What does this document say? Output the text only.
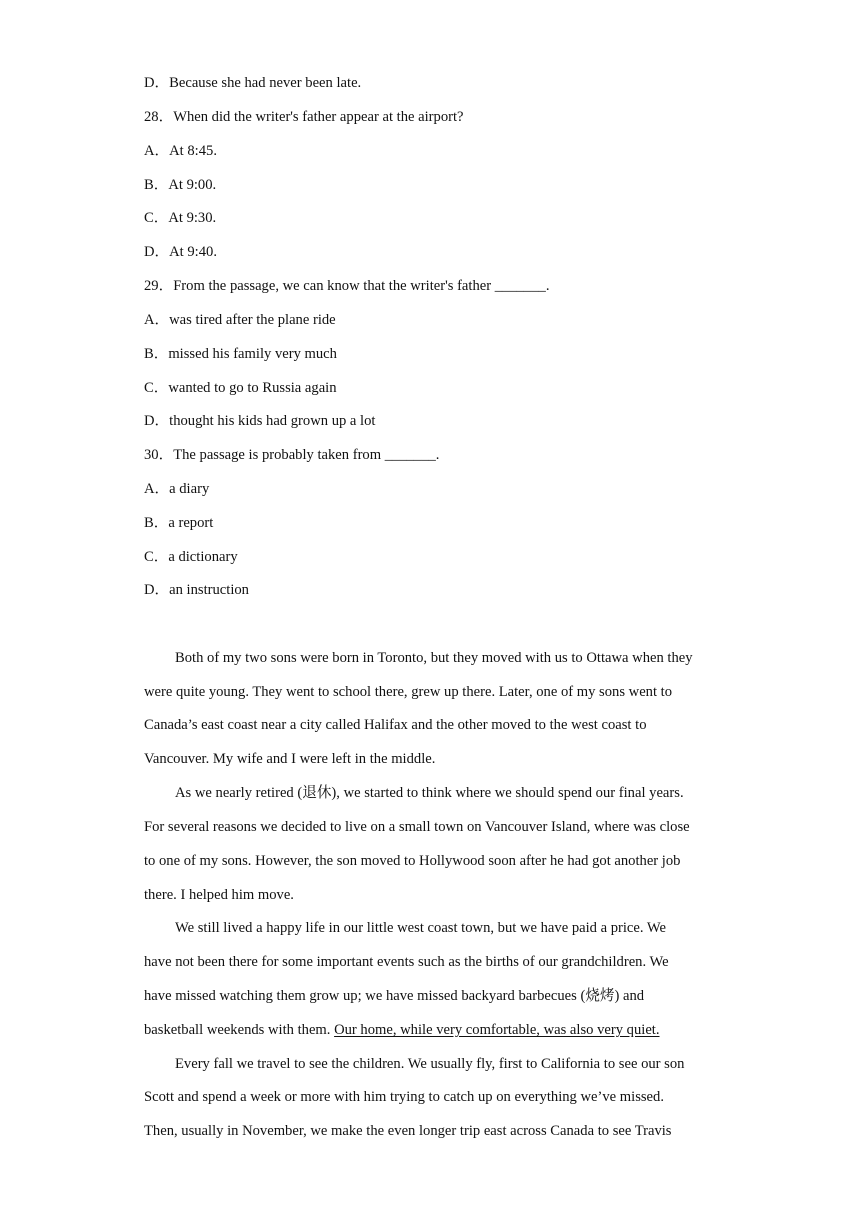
D．Because she had never been late.
28．When did the writer's father appear at the airport?
A．At 8:45.
B．At 9:00.
C．At 9:30.
D．At 9:40.
29．From the passage, we can know that the writer's father _______.
A．was tired after the plane ride
B．missed his family very much
C．wanted to go to Russia again
D．thought his kids had grown up a lot
30．The passage is probably taken from _______.
A．a diary
B．a report
C．a dictionary
D．an instruction
Both of my two sons were born in Toronto, but they moved with us to Ottawa when they
were quite young. They went to school there, grew up there. Later, one of my sons went to
Canada’s east coast near a city called Halifax and the other moved to the west coast to
Vancouver. My wife and I were left in the middle.
As we nearly retired (退休), we started to think where we should spend our final years.
For several reasons we decided to live on a small town on Vancouver Island, where was close
to one of my sons. However, the son moved to Hollywood soon after he had got another job
there. I helped him move.
We still lived a happy life in our little west coast town, but we have paid a price. We
have not been there for some important events such as the births of our grandchildren. We
have missed watching them grow up; we have missed backyard barbecues (烧烤) and
basketball weekends with them. Our home, while very comfortable, was also very quiet.
Every fall we travel to see the children. We usually fly, first to California to see our son
Scott and spend a week or more with him trying to catch up on everything we’ve missed.
Then, usually in November, we make the even longer trip east across Canada to see Travis
